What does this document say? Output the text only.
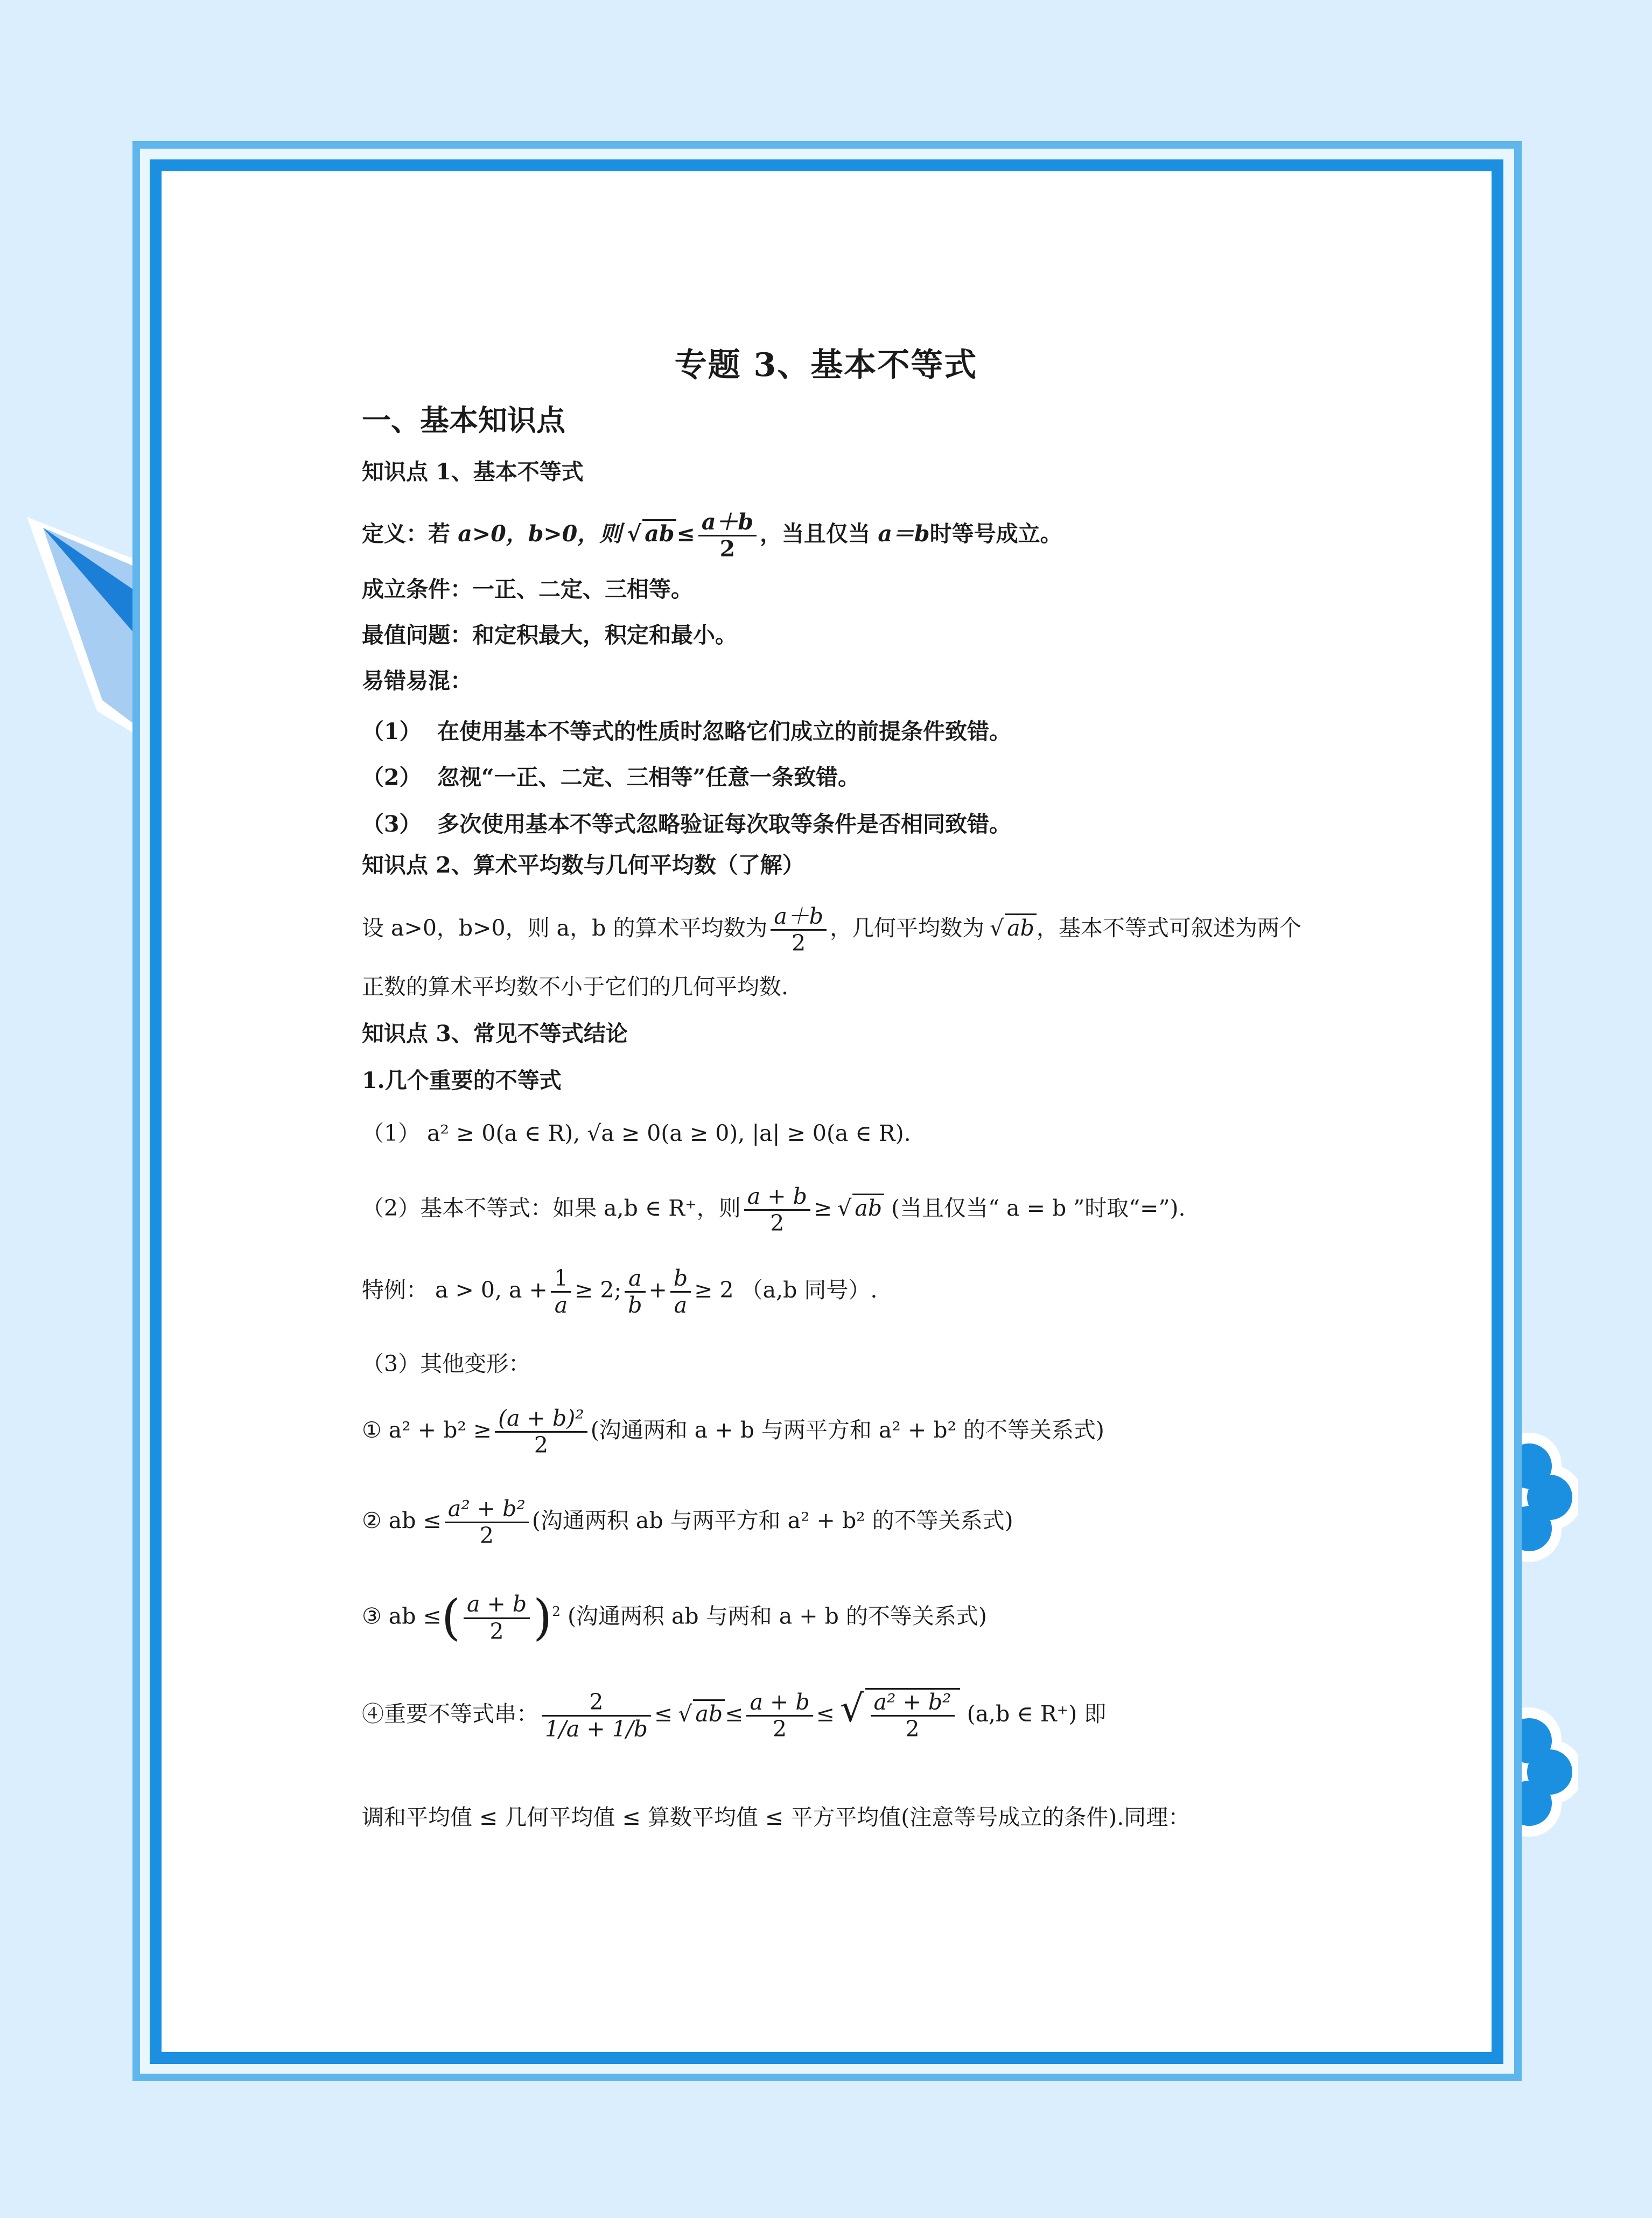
专题 3、基本不等式
一、基本知识点
知识点 1、基本不等式
定义：若 a>0，b>0，则 √ $ab\le \frac{a+b}{2}$ ，当且仅当 a＝b时等号成立。
成立条件：一正、二定、三相等。
最值问题：和定积最大，积定和最小。
易错易混：
（1） 在使用基本不等式的性质时忽略它们成立的前提条件致错。
（2） 忽视“一正、二定、三相等”任意一条致错。
（3） 多次使用基本不等式忽略验证每次取等条件是否相同致错。
知识点 2、算术平均数与几何平均数（了解）
设 a>0，b>0，则 a，b 的算术平均数为 $\frac{a+b}{2}$ ，几何平均数为 √ ab，基本不等式可叙述为两个
正数的算术平均数不小于它们的几何平均数.
知识点 3、常见不等式结论
1.几个重要的不等式
（1） a² ≥ 0(a ∈ R), √a ≥ 0(a ≥ 0), |a| ≥ 0(a ∈ R).
（2）基本不等式：如果 a,b ∈ R⁺，则 $\frac{a + b}{2}$ ≥ √ ab (当且仅当“ a = b ”时取“=”).
特例： a > 0, $a + \frac{1}{a} \ge 2$; $\frac{a}{b} + \frac{b}{a} \ge 2$ （a,b 同号）.
（3）其他变形：
① $a^2 + b^2 \ge \frac{\text{(a + b)²}}{2}$ (沟通两和 a + b 与两平方和 a² + b² 的不等关系式)
② ab ≤ $\frac{\text{a² + b²}}{2}$ (沟通两积 ab 与两平方和 a² + b² 的不等关系式)
③ ab ≤( $\frac{a + b}{2} )^2$ (沟通两积 ab 与两和 a + b 的不等关系式)
④重要不等式串： $\frac{2}{1/a + 1/b}$ ≤ √ $ab\le \frac{a + b}{2}$ ≤ √ $\frac{\text{a² + b²}}{2} (a,b$ ∈ R⁺) 即
调和平均值 ≤ 几何平均值 ≤ 算数平均值 ≤ 平方平均值(注意等号成立的条件).同理：
